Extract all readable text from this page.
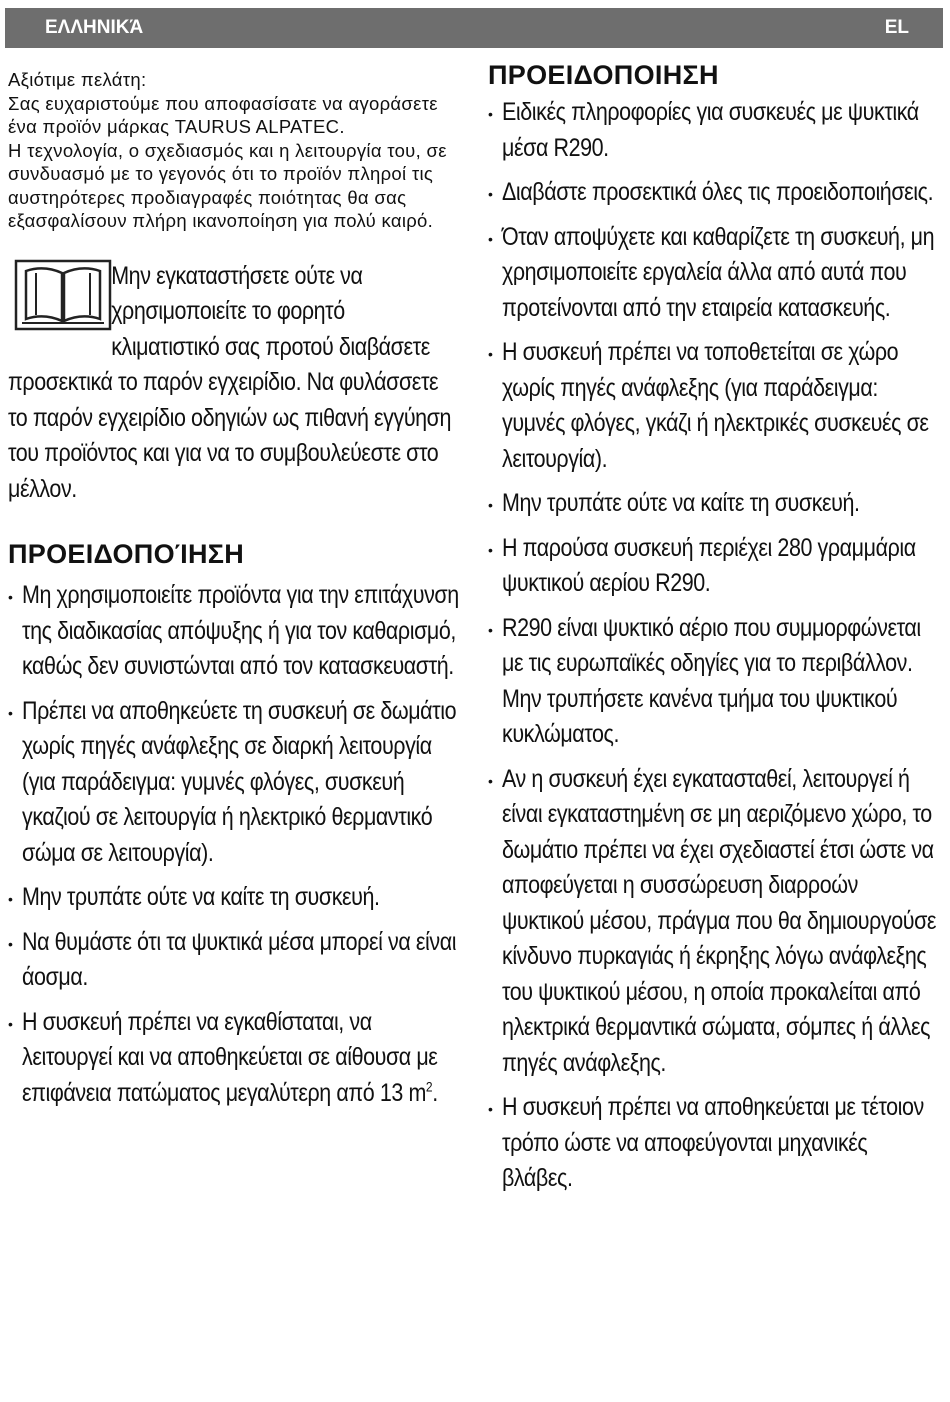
ΕΛΛΗΝΙΚΆ	EL

Αξιότιμε πελάτη:

Σας ευχαριστούμε που αποφασίσατε να αγοράσετε ένα προϊόν μάρκας TAURUS ALPATEC.

Η τεχνολογία, ο σχεδιασμός και η λειτουργία του, σε συνδυασμό με το γεγονός ότι το προϊόν πληροί τις αυστηρότερες προδιαγραφές ποιότητας θα σας εξασφαλίσουν πλήρη ικανοποίηση για πολύ καιρό.

Μην εγκαταστήσετε ούτε να χρησιμοποιείτε το φορητό κλιματιστικό σας προτού διαβάσετε προσεκτικά το παρόν εγχειρίδιο. Να φυλάσσετε το παρόν εγχειρίδιο οδηγιών ως πιθανή εγγύηση του προϊόντος και για να το συμβουλεύεστε στο μέλλον.
ΠΡΟΕΙΔΟΠΟΊΗΣΗ
• Μη χρησιμοποιείτε προϊόντα για την επιτάχυνση της διαδικασίας απόψυξης ή για τον καθαρισμό, καθώς δεν συνιστώνται από τον κατασκευαστή.
• Πρέπει να αποθηκεύετε τη συσκευή σε δωμάτιο χωρίς πηγές ανάφλεξης σε διαρκή λειτουργία (για παράδειγμα: γυμνές φλόγες, συσκευή γκαζιού σε λειτουργία ή ηλεκτρικό θερμαντικό σώμα σε λειτουργία).
• Μην τρυπάτε ούτε να καίτε τη συσκευή.
• Να θυμάστε ότι τα ψυκτικά μέσα μπορεί να είναι άοσμα.
• Η συσκευή πρέπει να εγκαθίσταται, να λειτουργεί και να αποθηκεύεται σε αίθουσα με επιφάνεια πατώματος μεγαλύτερη από 13 $m^2$.
ΠΡΟΕΙΔΟΠΟΙΗΣΗ
• Ειδικές πληροφορίες για συσκευές με ψυκτικά μέσα R290.
• Διαβάστε προσεκτικά όλες τις προειδοποιήσεις.
• Όταν αποψύχετε και καθαρίζετε τη συσκευή, μη χρησιμοποιείτε εργαλεία άλλα από αυτά που προτείνονται από την εταιρεία κατασκευής.
• Η συσκευή πρέπει να τοποθετείται σε χώρο χωρίς πηγές ανάφλεξης (για παράδειγμα: γυμνές φλόγες, γκάζι ή ηλεκτρικές συσκευές σε λειτουργία).
• Μην τρυπάτε ούτε να καίτε τη συσκευή.
• Η παρούσα συσκευή περιέχει 280 γραμμάρια ψυκτικού αερίου R290.
• R290 είναι ψυκτικό αέριο που συμμορφώνεται με τις ευρωπαϊκές οδηγίες για το περιβάλλον. Μην τρυπήσετε κανένα τμήμα του ψυκτικού κυκλώματος.
• Αν η συσκευή έχει εγκατασταθεί, λειτουργεί ή είναι εγκαταστημένη σε μη αεριζόμενο χώρο, το δωμάτιο πρέπει να έχει σχεδιαστεί έτσι ώστε να αποφεύγεται η συσσώρευση διαρροών ψυκτικού μέσου, πράγμα που θα δημιουργούσε κίνδυνο πυρκαγιάς ή έκρηξης λόγω ανάφλεξης του ψυκτικού μέσου, η οποία προκαλείται από ηλεκτρικά θερμαντικά σώματα, σόμπες ή άλλες πηγές ανάφλεξης.
• Η συσκευή πρέπει να αποθηκεύεται με τέτοιον τρόπο ώστε να αποφεύγονται μηχανικές βλάβες.
